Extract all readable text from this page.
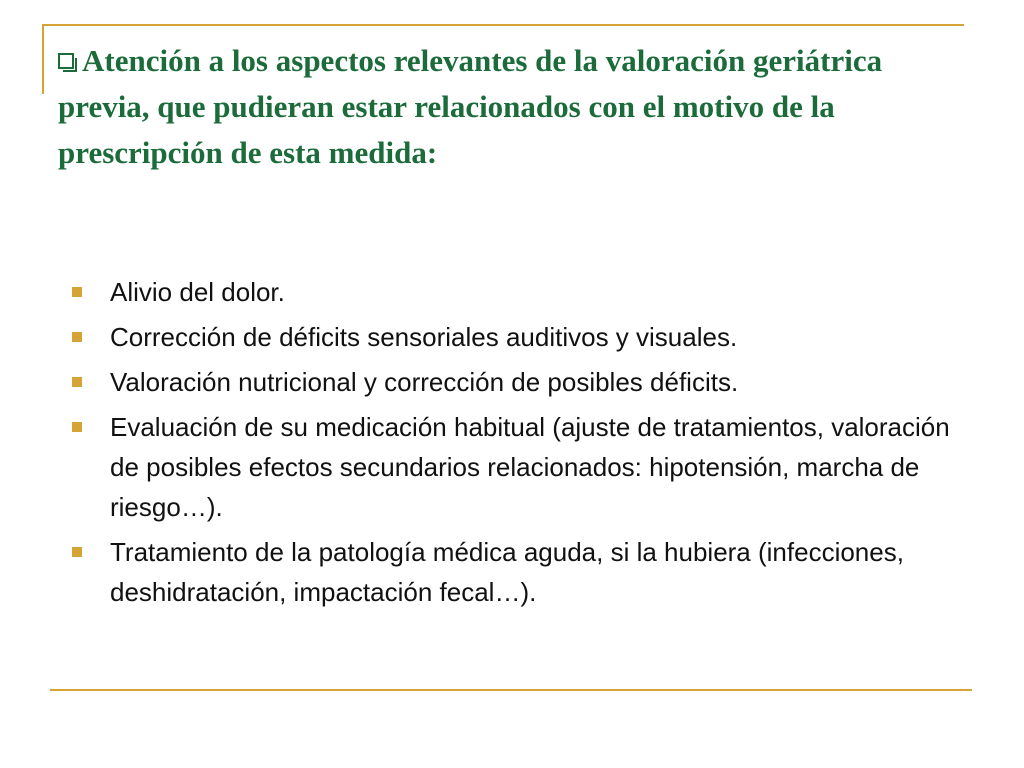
Atención a los aspectos relevantes de la valoración geriátrica previa, que pudieran estar relacionados con el motivo de la prescripción de esta medida:
Alivio del dolor.
Corrección de déficits sensoriales auditivos y visuales.
Valoración nutricional y corrección de posibles déficits.
Evaluación de su medicación habitual (ajuste de tratamientos, valoración de posibles efectos secundarios relacionados: hipotensión, marcha de riesgo…).
Tratamiento de la patología médica aguda, si la hubiera (infecciones, deshidratación, impactación fecal…).
